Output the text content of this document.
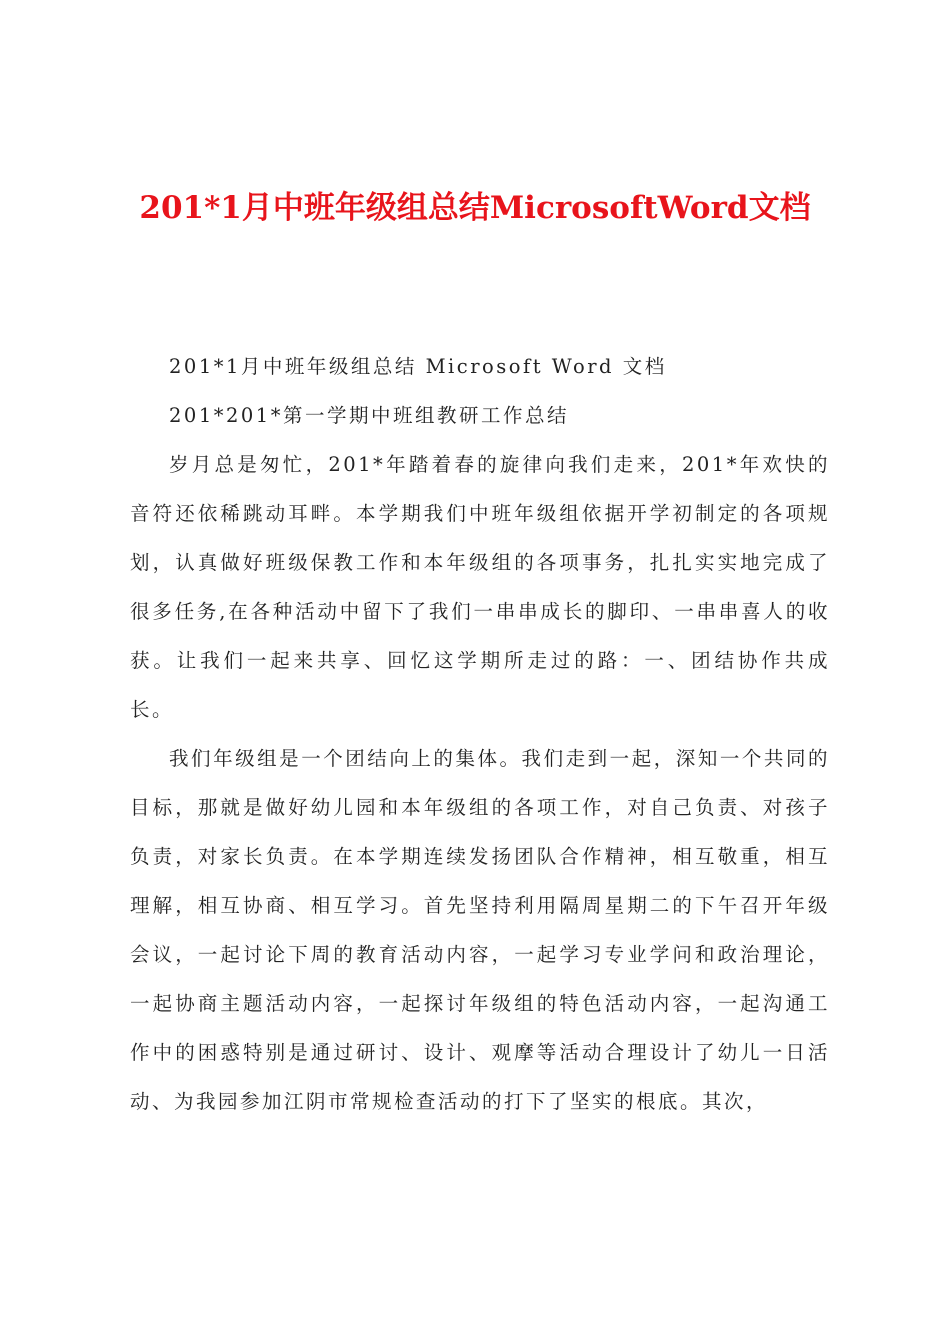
201*1月中班年级组总结MicrosoftWord文档

201*1月中班年级组总结 Microsoft Word 文档

201*201*第一学期中班组教研工作总结

岁月总是匆忙，201*年踏着春的旋律向我们走来，201*年欢快的音符还依稀跳动耳畔。本学期我们中班年级组依据开学初制定的各项规划，认真做好班级保教工作和本年级组的各项事务，扎扎实实地完成了很多任务,在各种活动中留下了我们一串串成长的脚印、一串串喜人的收获。让我们一起来共享、回忆这学期所走过的路：一、团结协作共成长。

我们年级组是一个团结向上的集体。我们走到一起，深知一个共同的目标，那就是做好幼儿园和本年级组的各项工作，对自己负责、对孩子负责，对家长负责。在本学期连续发扬团队合作精神，相互敬重，相互理解，相互协商、相互学习。首先坚持利用隔周星期二的下午召开年级会议，一起讨论下周的教育活动内容，一起学习专业学问和政治理论，一起协商主题活动内容，一起探讨年级组的特色活动内容，一起沟通工作中的困惑特别是通过研讨、设计、观摩等活动合理设计了幼儿一日活动、为我园参加江阴市常规检查活动的打下了坚实的根底。其次，
